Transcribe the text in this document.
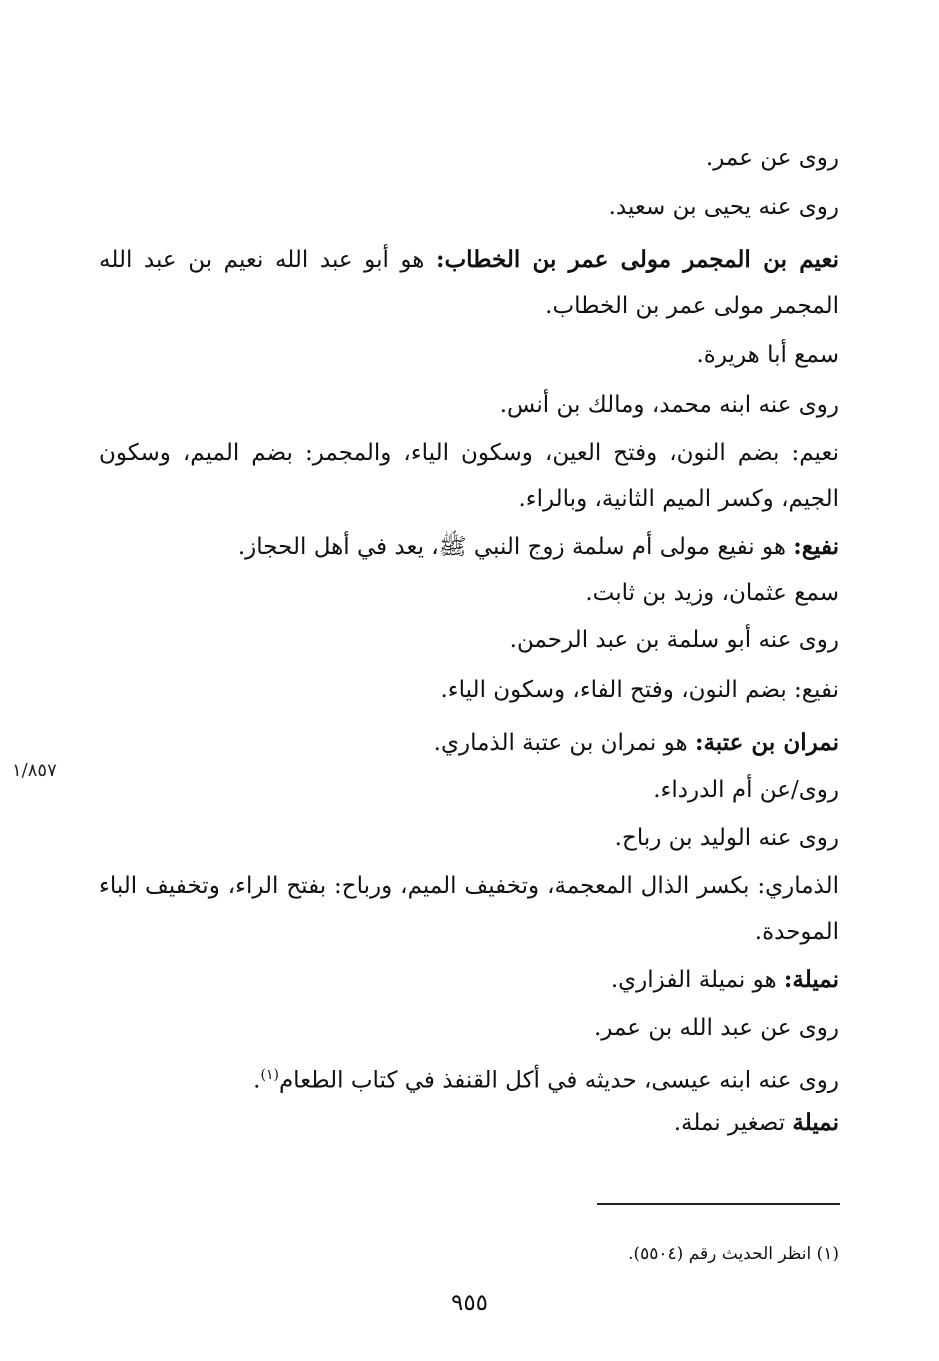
١/٨٥٧
روى عن عمر.
روى عنه يحيى بن سعيد.
نعيم بن المجمر مولى عمر بن الخطاب: هو أبو عبد الله نعيم بن عبد الله المجمر مولى عمر بن الخطاب.
سمع أبا هريرة.
روى عنه ابنه محمد، ومالك بن أنس.
نعيم: بضم النون، وفتح العين، وسكون الياء، والمجمر: بضم الميم، وسكون الجيم، وكسر الميم الثانية، وبالراء.
نفيع: هو نفيع مولى أم سلمة زوج النبي ﷺ، يعد في أهل الحجاز.
سمع عثمان، وزيد بن ثابت.
روى عنه أبو سلمة بن عبد الرحمن.
نفيع: بضم النون، وفتح الفاء، وسكون الياء.
نمران بن عتبة: هو نمران بن عتبة الذماري.
روى/عن أم الدرداء.
روى عنه الوليد بن رباح.
الذماري: بكسر الذال المعجمة، وتخفيف الميم، ورباح: بفتح الراء، وتخفيف الباء الموحدة.
نميلة: هو نميلة الفزاري.
روى عن عبد الله بن عمر.
روى عنه ابنه عيسى، حديثه في أكل القنفذ في كتاب الطعام$^{(١)}$.
نميلة تصغير نملة.
(١) انظر الحديث رقم (٥٥٠٤).
٩٥٥
